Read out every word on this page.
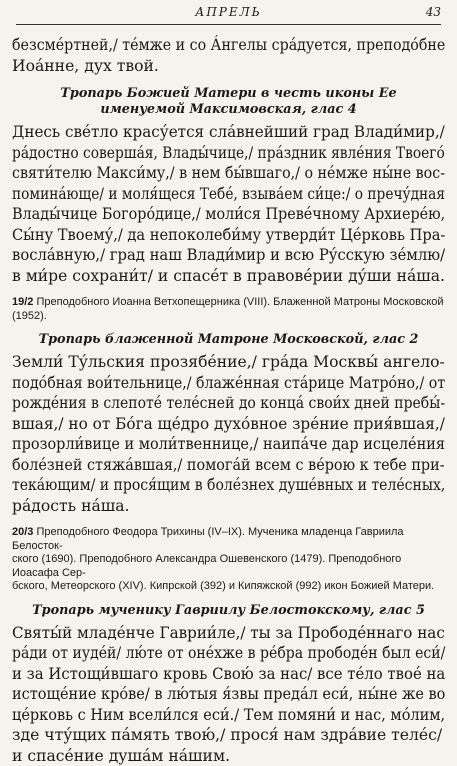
АПРЕЛЬ	43
безсме́ртней,/ те́мже и со А́нгелы сра́дуется, преподо́бне
Иоа́нне, дух твой.
Тропарь Божией Матери в честь иконы Ее
именуемой Максимовская, глас 4
Днесь све́тло красу́ется сла́внейший град Влади́мир,/
ра́достно соверша́я, Влады́чице,/ пра́здник явле́ния Твоего́
святи́телю Макси́му,/ в нем бы́вшаго,/ о не́мже ны́не вос-
помина́юще/ и моля́щеся Тебе́, взыва́ем си́це:/ о пречу́дная
Влады́чице Богоро́дице,/ моли́ся Преве́чному Архиере́ю,
Сы́ну Твоему́,/ да непоколеби́му утверди́т Це́рковь Пра-
восла́вную,/ град наш Влади́мир и всю Ру́сскую зе́млю/
в ми́ре сохрани́т/ и спасе́т в правове́рии ду́ши на́ша.
19/2 Преподобного Иоанна Ветхопещерника (VIII). Блаженной Матроны Московской (1952).
Тропарь блаженной Матроне Московской, глас 2
Земли́ Ту́льския прозябе́ние,/ гра́да Москвы́ ангело-
подо́бная вои́тельнице,/ блаже́нная ста́рице Матро́но,/ от
рожде́ния в слепоте́ теле́сней до конца́ свои́х дней пребы́-
вшая,/ но от Бо́га ще́дро духо́вное зре́ние прия́вшая,/
прозорли́вице и моли́твеннице,/ наипа́че дар исцеле́ния
боле́зней стяжа́вшая,/ помога́й всем с ве́рою к тебе при-
тека́ющим/ и прося́щим в боле́знех душе́вных и теле́сных,
ра́дость на́ша.
20/3 Преподобного Феодора Трихины (IV–IX). Мученика младенца Гавриила Белосток-
ского (1690). Преподобного Александра Ошевенского (1479). Преподобного Иоасафа Сер-
бского, Метеорского (XIV). Кипрской (392) и Кипяжской (992) икон Божией Матери.
Тропарь мученику Гавриилу Белостокскому, глас 5
Святы́й младе́нче Гаврии́ле,/ ты за Прободе́ннаго нас
ра́ди от иуде́й/ лю́те от оне́хже в ре́бра прободе́н был еси́/
и за Истощи́вшаго кровь Свою́ за нас/ все те́ло твое́ на
истоще́ние кро́ве/ в лю́тыя я́звы преда́л еси́, ны́не же во
це́рковь с Ним всели́лся еси́./ Тем помяни́ и нас, мо́лим,
зде чту́щих па́мять твою́,/ прося́ нам здра́вие теле́с/
и спасе́ние душа́м на́шим.
